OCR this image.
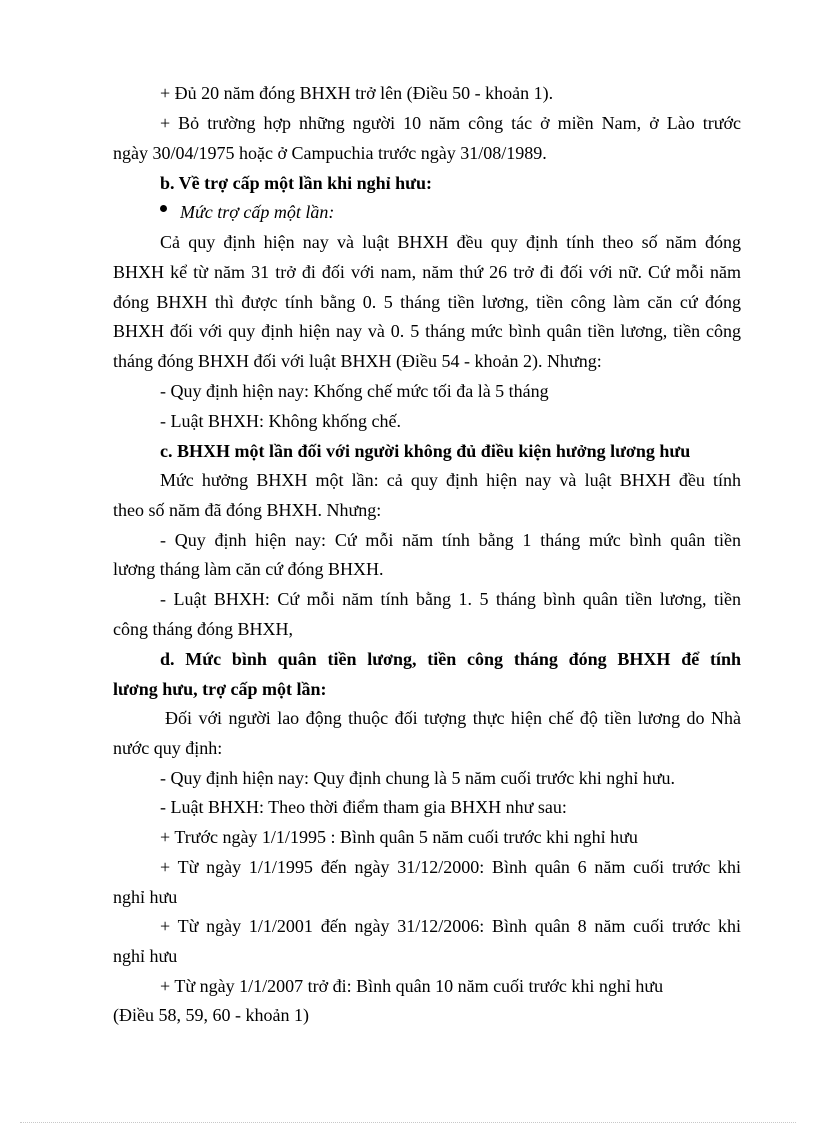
+ Đủ 20 năm đóng BHXH trở lên (Điều 50 - khoản 1).
+ Bỏ trường hợp những người 10 năm công tác ở miền Nam, ở Lào trước
ngày 30/04/1975 hoặc ở Campuchia trước ngày 31/08/1989.
b. Về trợ cấp một lần khi nghỉ hưu:
Mức trợ cấp một lần:
Cả quy định hiện nay và luật BHXH đều quy định tính theo số năm đóng
BHXH kể từ năm 31 trở đi đối với nam, năm thứ 26 trở đi đối với nữ. Cứ mỗi năm
đóng BHXH thì được tính bằng 0. 5 tháng tiền lương, tiền công làm căn cứ đóng
BHXH đối với quy định hiện nay và 0. 5 tháng mức bình quân tiền lương, tiền công
tháng đóng BHXH đối với luật BHXH (Điều 54 - khoản 2). Nhưng:
- Quy định hiện nay: Khống chế mức tối đa là 5 tháng
- Luật BHXH: Không khống chế.
c. BHXH một lần đối với người không đủ điều kiện hưởng lương hưu
Mức hưởng BHXH một lần: cả quy định hiện nay và luật BHXH đều tính
theo số năm đã đóng BHXH. Nhưng:
- Quy định hiện nay: Cứ mỗi năm tính bằng 1 tháng mức bình quân tiền
lương tháng làm căn cứ đóng BHXH.
- Luật BHXH: Cứ mỗi năm tính bằng 1. 5 tháng bình quân tiền lương, tiền
công tháng đóng BHXH,
d. Mức bình quân tiền lương, tiền công tháng đóng BHXH để tính
lương hưu, trợ cấp một lần:
Đối với người lao động thuộc đối tượng thực hiện chế độ tiền lương do Nhà
nước quy định:
- Quy định hiện nay: Quy định chung là 5 năm cuối trước khi nghỉ hưu.
- Luật BHXH: Theo thời điểm tham gia BHXH như sau:
+ Trước ngày 1/1/1995 : Bình quân 5 năm cuối trước khi nghỉ hưu
+ Từ ngày 1/1/1995 đến ngày 31/12/2000: Bình quân 6 năm cuối trước khi
nghỉ hưu
+ Từ ngày 1/1/2001 đến ngày 31/12/2006: Bình quân 8 năm cuối trước khi
nghỉ hưu
+ Từ ngày 1/1/2007 trở đi: Bình quân 10 năm cuối trước khi nghỉ hưu
(Điều 58, 59, 60 - khoản 1)
